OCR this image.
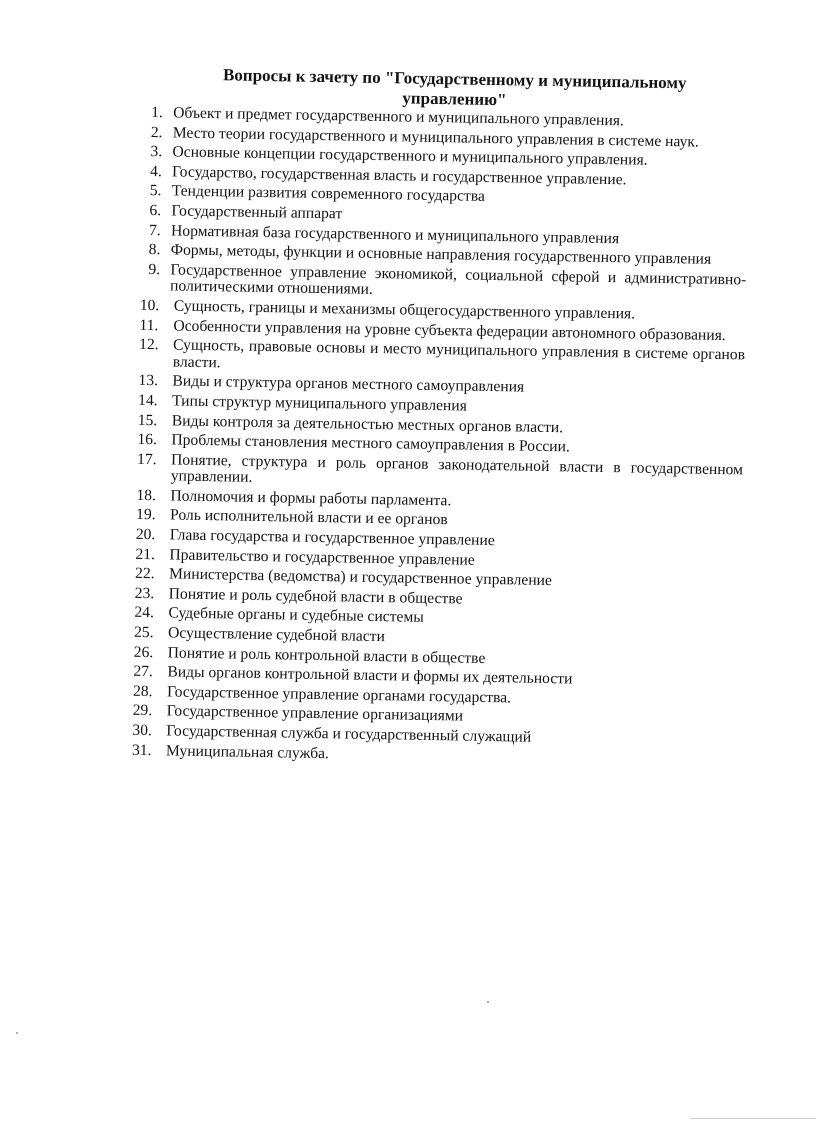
Вопросы к зачету по "Государственному и муниципальному
управлению"
1. Объект и предмет государственного и муниципального управления.
2. Место теории государственного и муниципального управления в системе наук.
3. Основные концепции государственного и муниципального управления.
4. Государство, государственная власть и государственное управление.
5. Тенденции развития современного государства
6. Государственный аппарат
7. Нормативная база государственного и муниципального управления
8. Формы, методы, функции и основные направления государственного управления
9. Государственное управление экономикой, социальной сферой и административно-политическими отношениями.
10. Сущность, границы и механизмы общегосударственного управления.
11. Особенности управления на уровне субъекта федерации автономного образования.
12. Сущность, правовые основы и место муниципального управления в системе органов власти.
13. Виды и структура органов местного самоуправления
14. Типы структур муниципального управления
15. Виды контроля за деятельностью местных органов власти.
16. Проблемы становления местного самоуправления в России.
17. Понятие, структура и роль органов законодательной власти в государственном управлении.
18. Полномочия и формы работы парламента.
19. Роль исполнительной власти и ее органов
20. Глава государства и государственное управление
21. Правительство и государственное управление
22. Министерства (ведомства) и государственное управление
23. Понятие и роль судебной власти в обществе
24. Судебные органы и судебные системы
25. Осуществление судебной власти
26. Понятие и роль контрольной власти в обществе
27. Виды органов контрольной власти и формы их деятельности
28. Государственное управление органами государства.
29. Государственное управление организациями
30. Государственная служба и государственный служащий
31. Муниципальная служба.
